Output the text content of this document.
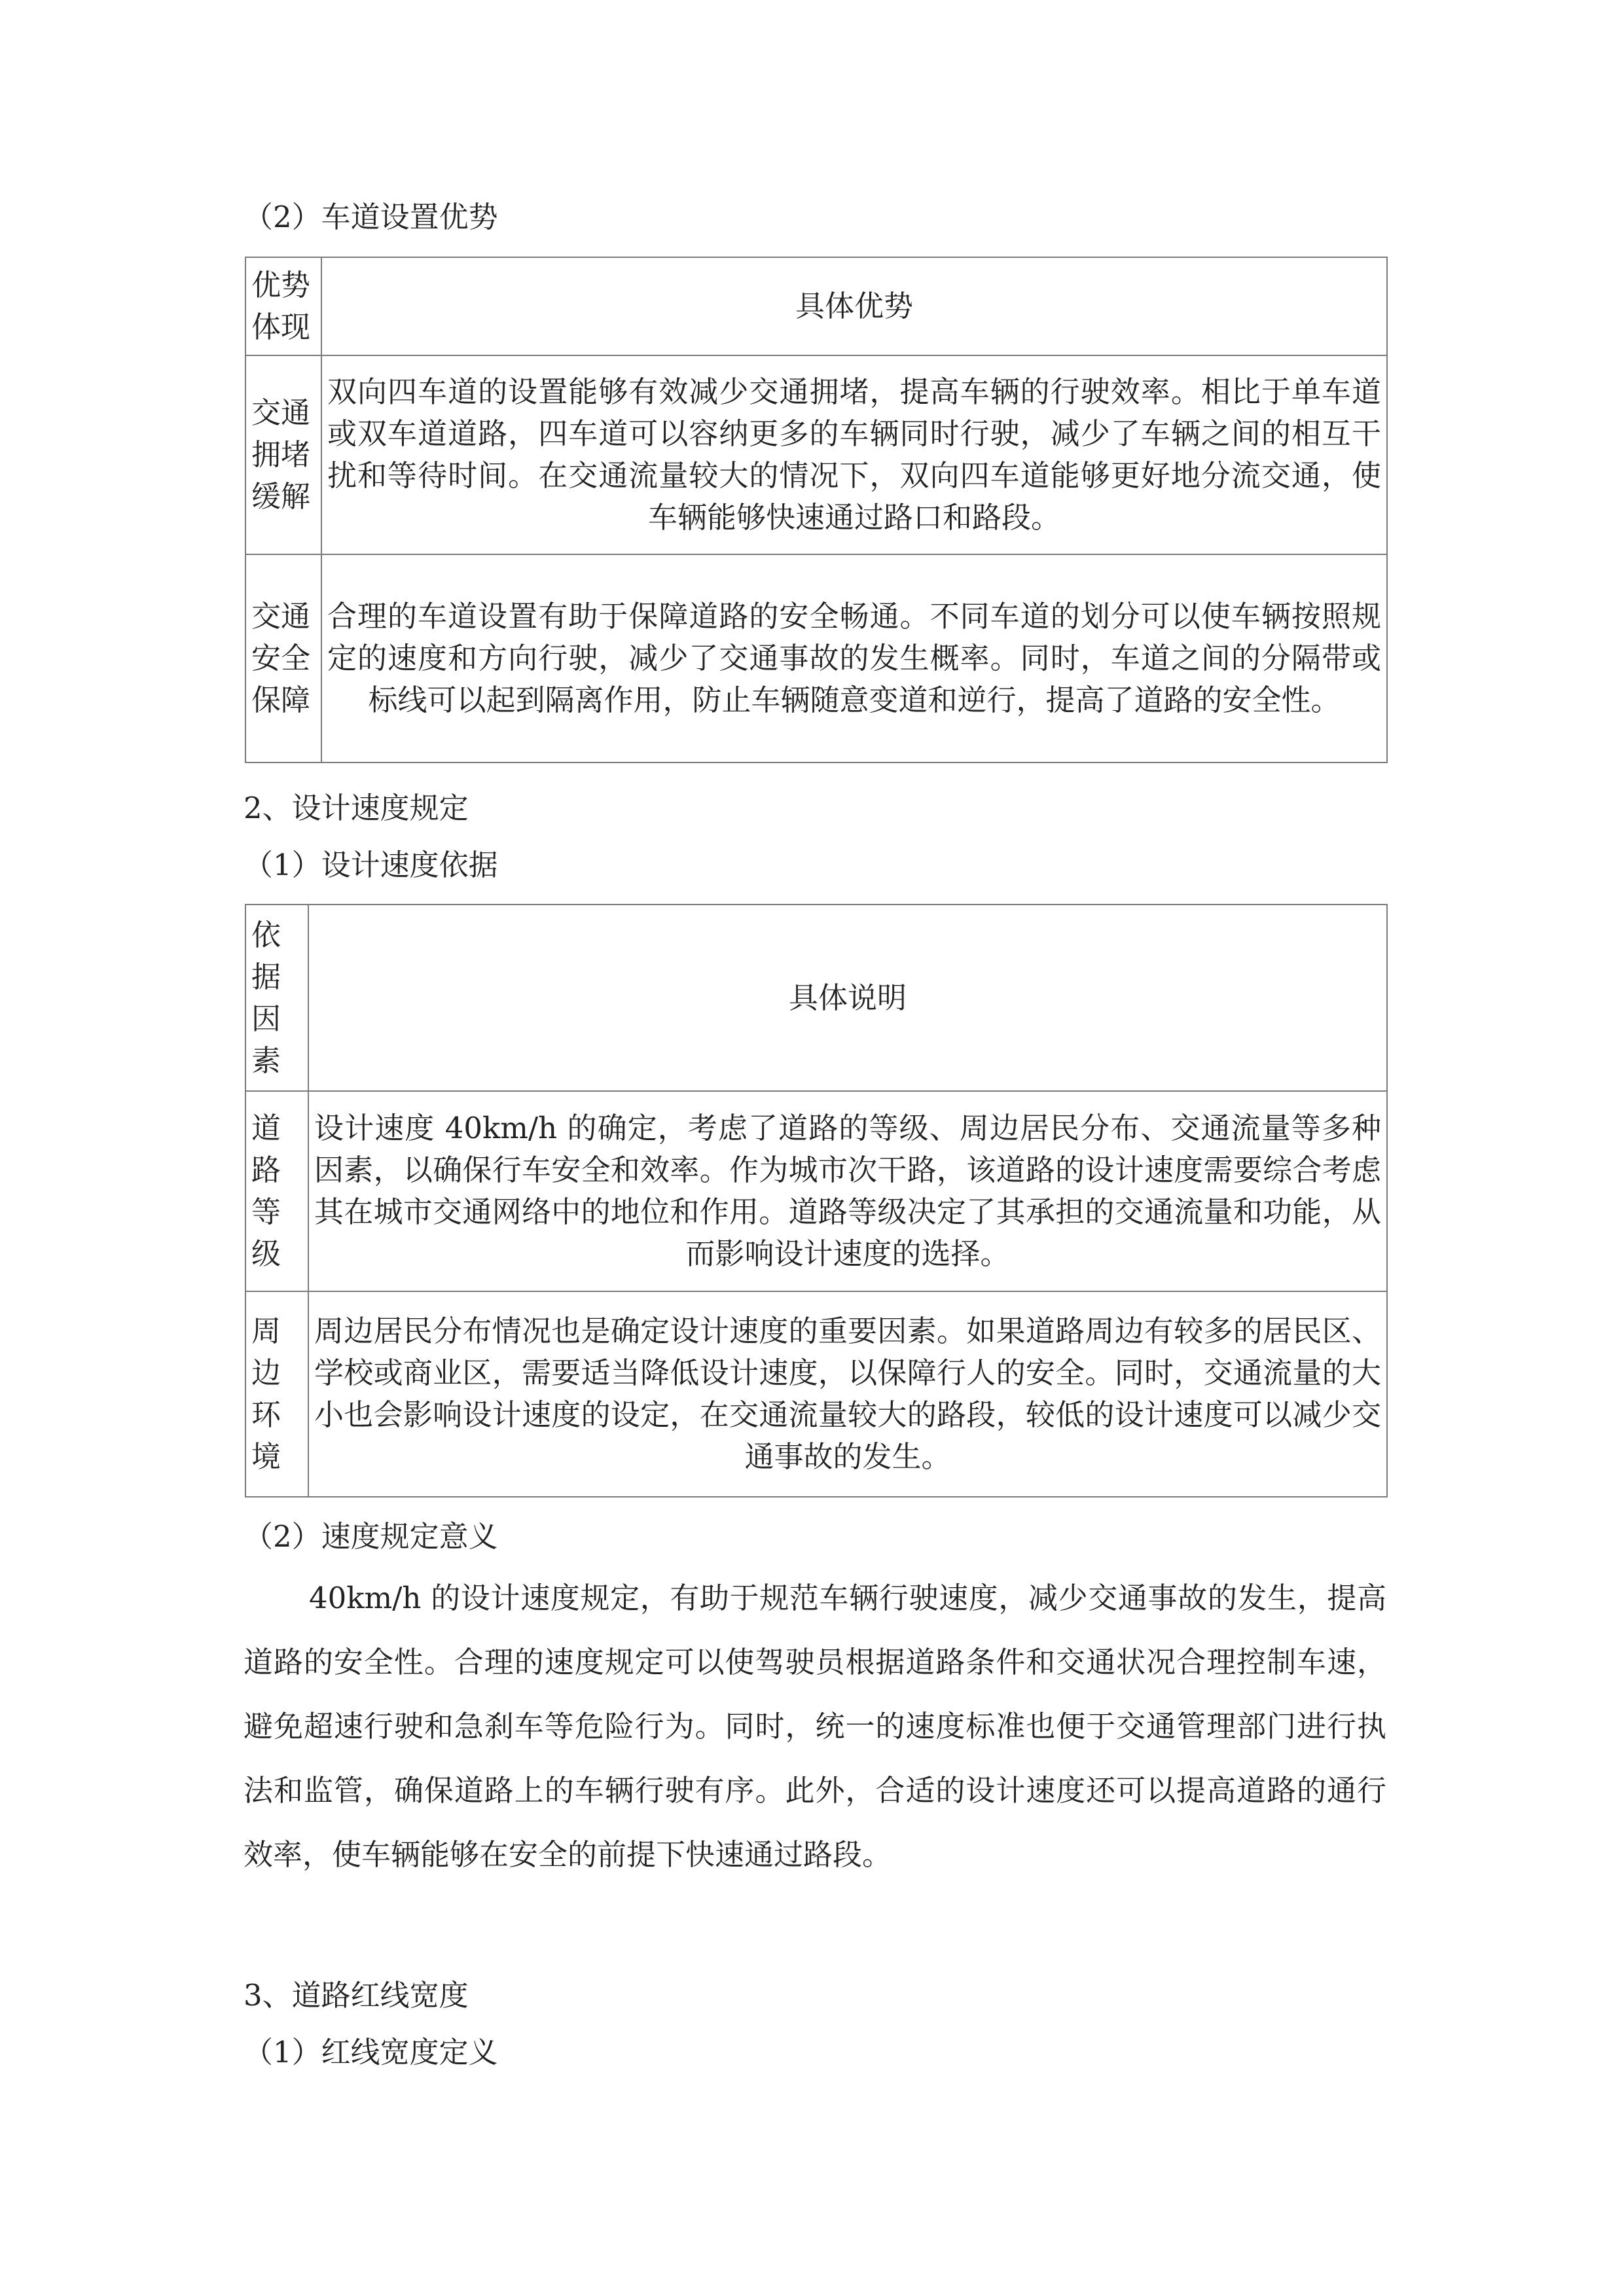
（2）车道设置优势

优势
体现	具体优势

交通
拥堵
缓解	双向四车道的设置能够有效减少交通拥堵，提高车辆的行驶效率。相比于单车道或双车道道路，四车道可以容纳更多的车辆同时行驶，减少了车辆之间的相互干扰和等待时间。在交通流量较大的情况下，双向四车道能够更好地分流交通，使车辆能够快速通过路口和路段。

交通
安全
保障	合理的车道设置有助于保障道路的安全畅通。不同车道的划分可以使车辆按照规定的速度和方向行驶，减少了交通事故的发生概率。同时，车道之间的分隔带或标线可以起到隔离作用，防止车辆随意变道和逆行，提高了道路的安全性。

2、设计速度规定

（1）设计速度依据

依
据
因
素	具体说明

道
路
等
级	设计速度 40km/h 的确定，考虑了道路的等级、周边居民分布、交通流量等多种因素，以确保行车安全和效率。作为城市次干路，该道路的设计速度需要综合考虑其在城市交通网络中的地位和作用。道路等级决定了其承担的交通流量和功能，从而影响设计速度的选择。

周
边
环
境	周边居民分布情况也是确定设计速度的重要因素。如果道路周边有较多的居民区、学校或商业区，需要适当降低设计速度，以保障行人的安全。同时，交通流量的大小也会影响设计速度的设定，在交通流量较大的路段，较低的设计速度可以减少交通事故的发生。

（2）速度规定意义

40km/h 的设计速度规定，有助于规范车辆行驶速度，减少交通事故的发生，提高道路的安全性。合理的速度规定可以使驾驶员根据道路条件和交通状况合理控制车速，避免超速行驶和急刹车等危险行为。同时，统一的速度标准也便于交通管理部门进行执法和监管，确保道路上的车辆行驶有序。此外，合适的设计速度还可以提高道路的通行效率，使车辆能够在安全的前提下快速通过路段。

3、道路红线宽度

（1）红线宽度定义
